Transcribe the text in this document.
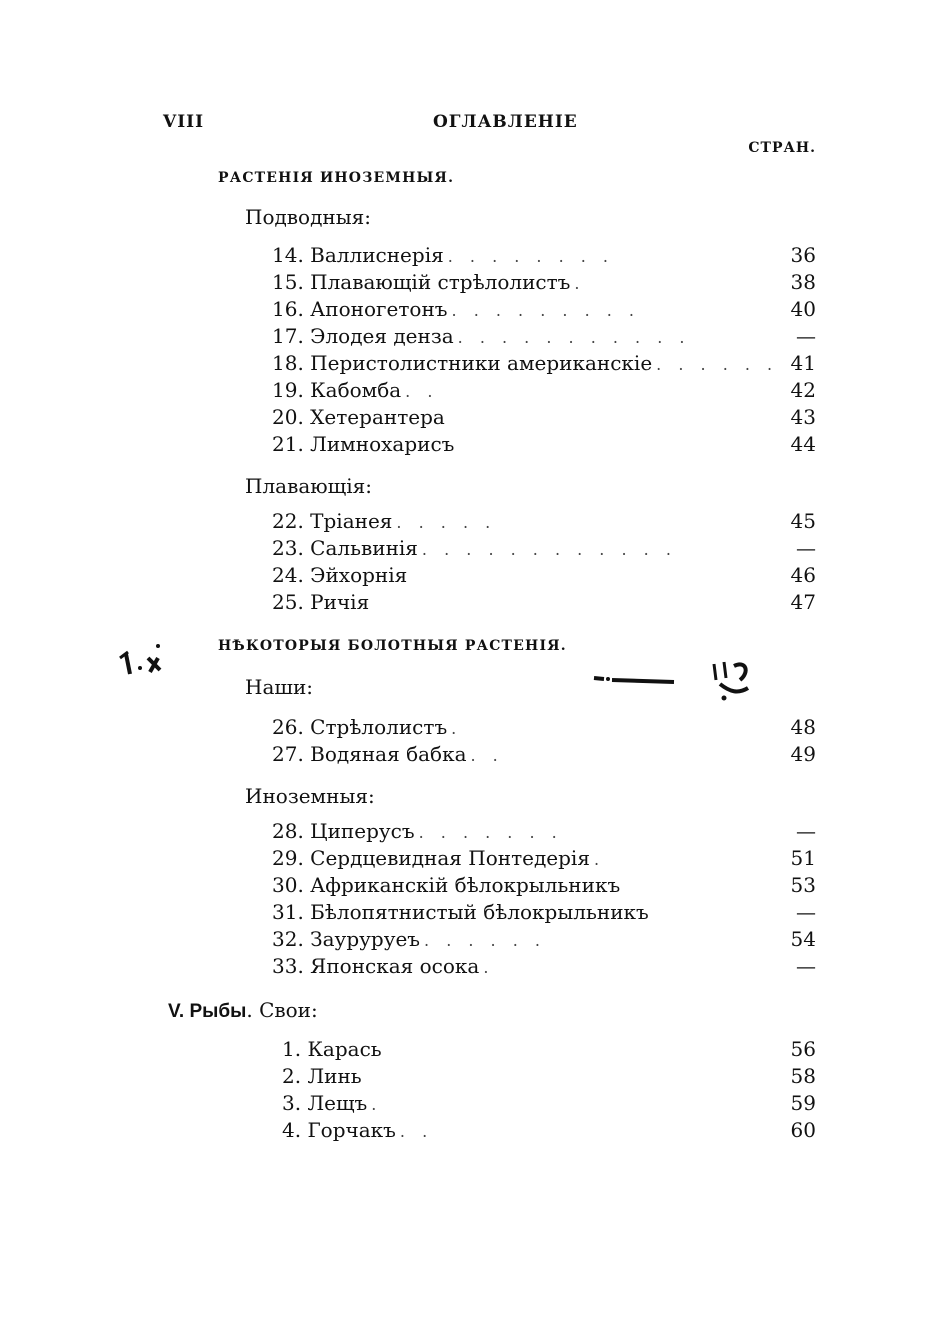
VIII	ОГЛАВЛЕНІЕ
СТРАН.
РАСТЕНІЯ ИНОЗЕМНЫЯ.
Подводныя:
14. Валлиснерія . . . . . . . .	36
15. Плавающій стрѣлолистъ .	38
16. Апоногетонъ . . . . . . . . .	40
17. Элодея денза . . . . . . . . . . .	—
18. Перистолистники американскіе . . . . . . 41
19. Кабомба . .	42
20. Хетерантера	43
21. Лимнохарисъ	44
Плавающія:
22. Тріанея . . . . .	45
23. Сальвинія . . . . . . . . . . . .	—
24. Эйхорнія	46
25. Ричія	47
НѢКОТОРЫЯ БОЛОТНЫЯ РАСТЕНІЯ.
Наши:
26. Стрѣлолистъ .	48
27. Водяная бабка . .	49
Иноземныя:
28. Циперусъ . . . . . . .	—
29. Сердцевидная Понтедерія .	51
30. Африканскій бѣлокрыльникъ	53
31. Бѣлопятнистый бѣлокрыльникъ	—
32. Зауруруеъ . . . . . .	54
33. Японская осока .	—
V. Рыбы. Свои:
1. Карась	56
2. Линь	58
3. Лещъ .	59
4. Горчакъ . .	60
